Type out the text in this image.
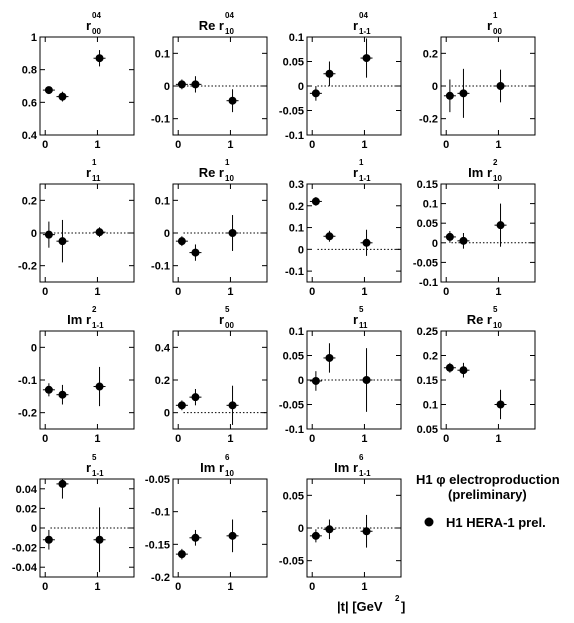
0.4
0.6
0.8
1
0	1
r
04
00
-0.1
0
0.1
0	1
Re r
04
10
-0.1
-0.05
0
0.05
0.1
0	1
r
04
1-1
-0.2
0
0.2
0	1
r
1
00
-0.2
0
0.2
0	1
r
1
11
-0.1
0
0.1
0	1
Re r
1
10
-0.1
0
0.1
0.2
0.3
0	1
r
1
1-1
-0.1
-0.05
0
0.05
0.1
0.15
0	1
Im r
2
10
-0.2
-0.1
0
0	1
Im r
2
1-1
0
0.2
0.4
0	1
r
5
00
-0.1
-0.05
0
0.05
0.1
0	1
r
5
11
0.05
0.1
0.15
0.2
0.25
0	1
Re r
5
10
-0.04
-0.02
0
0.02
0.04
0	1
r
5
1-1
-0.2
-0.15
-0.1
-0.05
0	1
Im r
6
10
-0.05
0
0.05
0	1
Im r
6
1-1	H1 φ electroproduction
(preliminary)
H1 HERA-1 prel.
|t| [GeV
2
]
